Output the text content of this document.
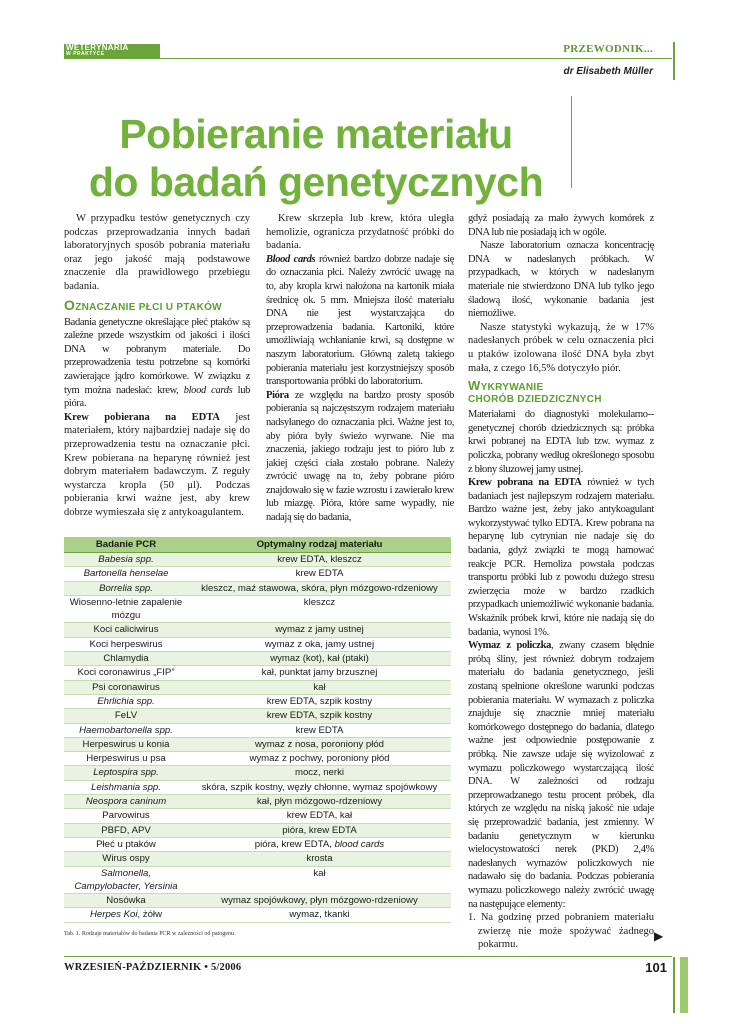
WETERYNARIA
W PRAKTYCE	PRZEWODNIK...
dr Elisabeth Müller
Pobieranie materiału
do badań genetycznych

W przypadku testów genetycznych czy podczas przeprowadzania innych badań laboratoryjnych sposób pobrania materiału oraz jego jakość mają podstawowe znaczenie dla prawidłowego przebiegu badania.

OZNACZANIE PŁCI U PTAKÓW

Badania genetyczne określające płeć ptaków są zależne przede wszystkim od jakości i ilości DNA w pobranym materiale. Do przeprowadzenia testu potrzebne są komórki zawierające jądro komórkowe. W związku z tym można nadesłać: krew, blood cards lub pióra.

Krew pobierana na EDTA jest materiałem, który najbardziej nadaje się do przeprowadzenia testu na oznaczanie płci. Krew pobierana na heparynę również jest dobrym materiałem badawczym. Z reguły wystarcza kropla (50 μl). Podczas pobierania krwi ważne jest, aby krew dobrze wymieszała się z antykoagulantem.

Krew skrzepła lub krew, która uległa hemolizie, ogranicza przydatność próbki do badania.

Blood cards również bardzo dobrze nadaje się do oznaczania płci. Należy zwrócić uwagę na to, aby kropla krwi nałożona na kartonik miała średnicę ok. 5 mm. Mniejsza ilość materiału DNA nie jest wystarczająca do przeprowadzenia badania. Kartoniki, które umożliwiają wchłanianie krwi, są dostępne w naszym laboratorium. Główną zaletą takiego pobierania materiału jest korzystniejszy sposób transportowania próbki do laboratorium.

Pióra ze względu na bardzo prosty sposób pobierania są najczęstszym rodzajem materiału nadsyłanego do oznaczania płci. Ważne jest to, aby pióra były świeżo wyrwane. Nie ma znaczenia, jakiego rodzaju jest to pióro lub z jakiej części ciała zostało pobrane. Należy zwrócić uwagę na to, żeby pobrane pióro znajdowało się w fazie wzrostu i zawierało krew lub miazgę. Pióra, które same wypadły, nie nadają się do badania,

gdyż posiadają za mało żywych komórek z DNA lub nie posiadają ich w ogóle.

Nasze laboratorium oznacza koncentrację DNA w nadesłanych próbkach. W przypadkach, w których w nadesłanym materiale nie stwierdzono DNA lub tylko jego śladową ilość, wykonanie badania jest niemożliwe.

Nasze statystyki wykazują, że w 17% nadesłanych próbek w celu oznaczenia płci u ptaków izolowana ilość DNA była zbyt mała, z czego 16,5% dotyczyło piór.

WYKRYWANIE
CHORÓB DZIEDZICZNYCH

Materiałami do diagnostyki molekularno--genetycznej chorób dziedzicznych są: próbka krwi pobranej na EDTA lub tzw. wymaz z policzka, pobrany według określonego sposobu z błony śluzowej jamy ustnej.

Krew pobrana na EDTA również w tych badaniach jest najlepszym rodzajem materiału. Bardzo ważne jest, żeby jako antykoagulant wykorzystywać tylko EDTA. Krew pobrana na heparynę lub cytrynian nie nadaje się do badania, gdyż związki te mogą hamować reakcje PCR. Hemoliza powstała podczas transportu próbki lub z powodu dużego stresu zwierzęcia może w bardzo rzadkich przypadkach uniemożliwić wykonanie badania. Wskaźnik próbek krwi, które nie nadają się do badania, wynosi 1%.

Wymaz z policzka, zwany czasem błędnie próbą śliny, jest również dobrym rodzajem materiału do badania genetycznego, jeśli zostaną spełnione określone warunki podczas pobierania materiału. W wymazach z policzka znajduje się znacznie mniej materiału komórkowego dostępnego do badania, dlatego ważne jest odpowiednie postępowanie z próbką. Nie zawsze udaje się wyizolować z wymazu policzkowego wystarczającą ilość DNA. W zależności od rodzaju przeprowadzanego testu procent próbek, dla których ze względu na niską jakość nie udaje się przeprowadzić badania, jest zmienny. W badaniu genetycznym w kierunku wielocystowatości nerek (PKD) 2,4% nadesłanych wymazów policzkowych nie nadawało się do badania. Podczas pobierania wymazu policzkowego należy zwrócić uwagę na następujące elementy:

1. Na godzinę przed pobraniem materiału zwierzę nie może spożywać żadnego pokarmu.

▶
Badanie PCR	Optymalny rodzaj materiału
Babesia spp.	krew EDTA, kleszcz
Bartonella henselae	krew EDTA
Borrelia spp.	kleszcz, maź stawowa, skóra, płyn mózgowo-rdzeniowy
Wiosenno-letnie zapalenie mózgu	kleszcz
Koci caliciwirus	wymaz z jamy ustnej
Koci herpeswirus	wymaz z oka, jamy ustnej
Chlamydia	wymaz (kot), kał (ptaki)
Koci coronawirus „FIP”	kał, punktat jamy brzusznej
Psi coronawirus	kał
Ehrlichia spp.	krew EDTA, szpik kostny
FeLV	krew EDTA, szpik kostny
Haemobartonella spp.	krew EDTA
Herpeswirus u konia	wymaz z nosa, poroniony płód
Herpeswirus u psa	wymaz z pochwy, poroniony płód
Leptospira spp.	mocz, nerki
Leishmania spp.	skóra, szpik kostny, węzły chłonne, wymaz spojówkowy
Neospora caninum	kał, płyn mózgowo-rdzeniowy
Parvowirus	krew EDTA, kał
PBFD, APV	pióra, krew EDTA
Płeć u ptaków	pióra, krew EDTA, blood cards
Wirus ospy	krosta
Salmonella, Campylobacter, Yersinia	kał
Nosówka	wymaz spojówkowy, płyn mózgowo-rdzeniowy
Herpes Koi, żółw	wymaz, tkanki
Tab. 1. Rodzaje materiałów do badania PCR w zależności od patogenu
WRZESIEŃ-PAŹDZIERNIK • 5/2006	101
